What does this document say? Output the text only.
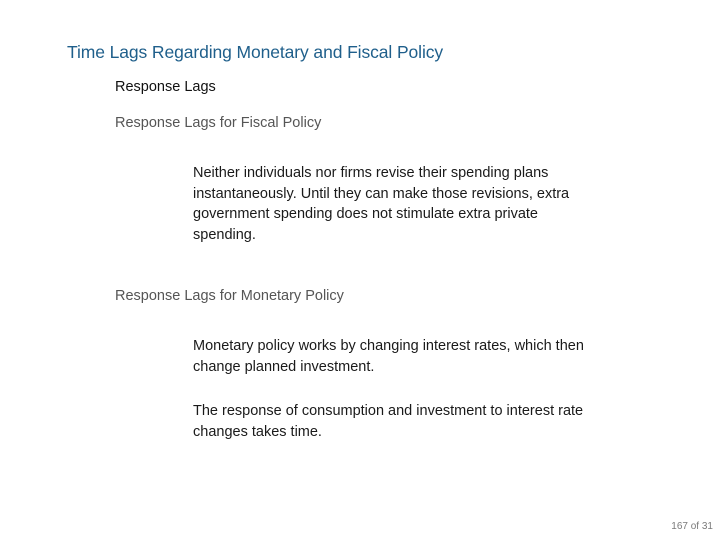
Time Lags Regarding Monetary and Fiscal Policy
Response Lags
Response Lags for Fiscal Policy
Neither individuals nor firms revise their spending plans instantaneously. Until they can make those revisions, extra government spending does not stimulate extra private spending.
Response Lags for Monetary Policy
Monetary policy works by changing interest rates, which then change planned investment.
The response of consumption and investment to interest rate changes takes time.
167 of 31
